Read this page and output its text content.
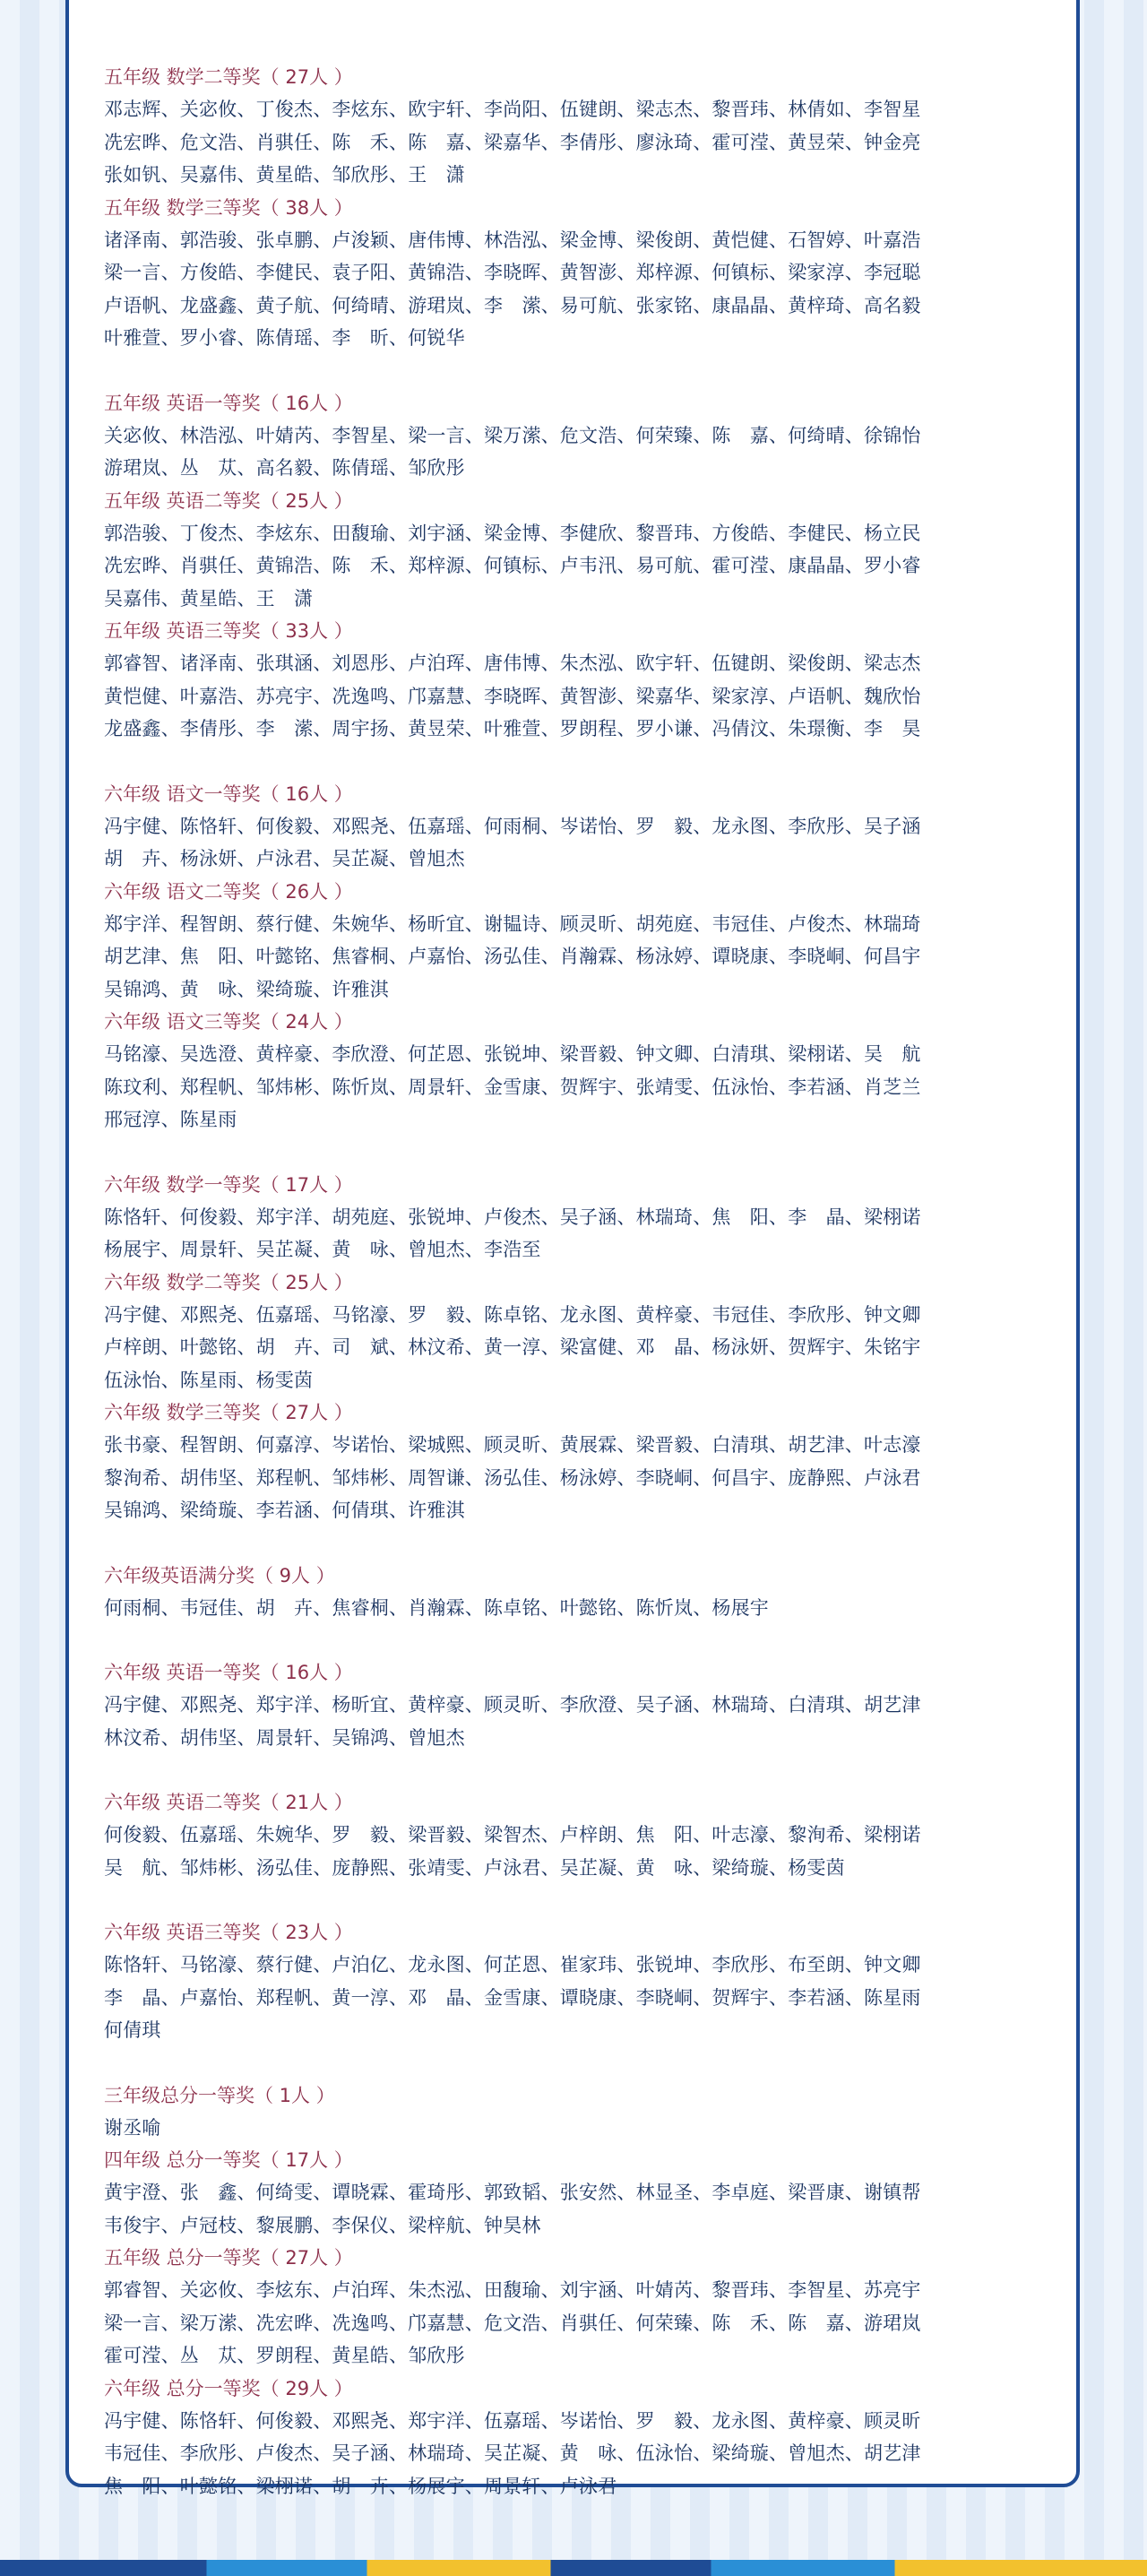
五年级 数学二等奖（ 27人 ）

邓志辉、关宓攸、丁俊杰、李炫东、欧宇轩、李尚阳、伍键朗、梁志杰、黎晋玮、林倩如、李智星

冼宏晔、危文浩、肖骐任、陈　禾、陈　嘉、梁嘉华、李倩彤、廖泳琦、霍可滢、黄昱荣、钟金亮

张如钒、吴嘉伟、黄星皓、邹欣彤、王　潇

五年级 数学三等奖（ 38人 ）

诸泽南、郭浩骏、张卓鹏、卢浚颖、唐伟博、林浩泓、梁金博、梁俊朗、黄恺健、石智婷、叶嘉浩

梁一言、方俊皓、李健民、袁子阳、黄锦浩、李晓晖、黄智澎、郑梓源、何镇标、梁家淳、李冠聪

卢语帆、龙盛鑫、黄子航、何绮晴、游珺岚、李　潆、易可航、张家铭、康晶晶、黄梓琦、高名毅

叶雅萱、罗小睿、陈倩瑶、李　昕、何锐华

五年级 英语一等奖（ 16人 ）

关宓攸、林浩泓、叶婧芮、李智星、梁一言、梁万潆、危文浩、何荣臻、陈　嘉、何绮晴、徐锦怡

游珺岚、丛　苁、高名毅、陈倩瑶、邹欣彤

五年级 英语二等奖（ 25人 ）

郭浩骏、丁俊杰、李炫东、田馥瑜、刘宇涵、梁金博、李健欣、黎晋玮、方俊皓、李健民、杨立民

冼宏晔、肖骐任、黄锦浩、陈　禾、郑梓源、何镇标、卢韦汛、易可航、霍可滢、康晶晶、罗小睿

吴嘉伟、黄星皓、王　潇

五年级 英语三等奖（ 33人 ）

郭睿智、诸泽南、张琪涵、刘恩彤、卢泊珲、唐伟博、朱杰泓、欧宇轩、伍键朗、梁俊朗、梁志杰

黄恺健、叶嘉浩、苏亮宇、冼逸鸣、邝嘉慧、李晓晖、黄智澎、梁嘉华、梁家淳、卢语帆、魏欣怡

龙盛鑫、李倩彤、李　潆、周宇扬、黄昱荣、叶雅萱、罗朗程、罗小谦、冯倩汶、朱璟衡、李　昊

六年级 语文一等奖（ 16人 ）

冯宇健、陈恪轩、何俊毅、邓熙尧、伍嘉瑶、何雨桐、岑诺怡、罗　毅、龙永图、李欣彤、吴子涵

胡　卉、杨泳妍、卢泳君、吴芷凝、曾旭杰

六年级 语文二等奖（ 26人 ）

郑宇洋、程智朗、蔡行健、朱婉华、杨昕宜、谢韫诗、顾灵昕、胡苑庭、韦冠佳、卢俊杰、林瑞琦

胡艺津、焦　阳、叶懿铭、焦睿桐、卢嘉怡、汤弘佳、肖瀚霖、杨泳婷、谭晓康、李晓峒、何昌宇

吴锦鸿、黄　咏、梁绮璇、许雅淇

六年级 语文三等奖（ 24人 ）

马铭濠、吴选澄、黄梓豪、李欣澄、何芷恩、张锐坤、梁晋毅、钟文卿、白清琪、梁栩诺、吴　航

陈玟利、郑程帆、邹炜彬、陈忻岚、周景轩、金雪康、贺辉宇、张靖雯、伍泳怡、李若涵、肖芝兰

邢冠淳、陈星雨

六年级 数学一等奖（ 17人 ）

陈恪轩、何俊毅、郑宇洋、胡苑庭、张锐坤、卢俊杰、吴子涵、林瑞琦、焦　阳、李　晶、梁栩诺

杨展宇、周景轩、吴芷凝、黄　咏、曾旭杰、李浩至

六年级 数学二等奖（ 25人 ）

冯宇健、邓熙尧、伍嘉瑶、马铭濠、罗　毅、陈卓铭、龙永图、黄梓豪、韦冠佳、李欣彤、钟文卿

卢梓朗、叶懿铭、胡　卉、司　斌、林汶希、黄一淳、梁富健、邓　晶、杨泳妍、贺辉宇、朱铭宇

伍泳怡、陈星雨、杨雯茵

六年级 数学三等奖（ 27人 ）

张书豪、程智朗、何嘉淳、岑诺怡、梁城熙、顾灵昕、黄展霖、梁晋毅、白清琪、胡艺津、叶志濠

黎洵希、胡伟坚、郑程帆、邹炜彬、周智谦、汤弘佳、杨泳婷、李晓峒、何昌宇、庞静熙、卢泳君

吴锦鸿、梁绮璇、李若涵、何倩琪、许雅淇

六年级英语满分奖（ 9人 ）

何雨桐、韦冠佳、胡　卉、焦睿桐、肖瀚霖、陈卓铭、叶懿铭、陈忻岚、杨展宇

六年级 英语一等奖（ 16人 ）

冯宇健、邓熙尧、郑宇洋、杨昕宜、黄梓豪、顾灵昕、李欣澄、吴子涵、林瑞琦、白清琪、胡艺津

林汶希、胡伟坚、周景轩、吴锦鸿、曾旭杰

六年级 英语二等奖（ 21人 ）

何俊毅、伍嘉瑶、朱婉华、罗　毅、梁晋毅、梁智杰、卢梓朗、焦　阳、叶志濠、黎洵希、梁栩诺

吴　航、邹炜彬、汤弘佳、庞静熙、张靖雯、卢泳君、吴芷凝、黄　咏、梁绮璇、杨雯茵

六年级 英语三等奖（ 23人 ）

陈恪轩、马铭濠、蔡行健、卢泊亿、龙永图、何芷恩、崔家玮、张锐坤、李欣彤、布至朗、钟文卿

李　晶、卢嘉怡、郑程帆、黄一淳、邓　晶、金雪康、谭晓康、李晓峒、贺辉宇、李若涵、陈星雨

何倩琪

三年级总分一等奖（ 1人 ）

谢丞喻

四年级 总分一等奖（ 17人 ）

黄宇澄、张　鑫、何绮雯、谭晓霖、霍琦彤、郭致韬、张安然、林显圣、李卓庭、梁晋康、谢镇帮

韦俊宇、卢冠枝、黎展鹏、李保仪、梁梓航、钟昊林

五年级 总分一等奖（ 27人 ）

郭睿智、关宓攸、李炫东、卢泊珲、朱杰泓、田馥瑜、刘宇涵、叶婧芮、黎晋玮、李智星、苏亮宇

梁一言、梁万潆、冼宏晔、冼逸鸣、邝嘉慧、危文浩、肖骐任、何荣臻、陈　禾、陈　嘉、游珺岚

霍可滢、丛　苁、罗朗程、黄星皓、邹欣彤

六年级 总分一等奖（ 29人 ）

冯宇健、陈恪轩、何俊毅、邓熙尧、郑宇洋、伍嘉瑶、岑诺怡、罗　毅、龙永图、黄梓豪、顾灵昕

韦冠佳、李欣彤、卢俊杰、吴子涵、林瑞琦、吴芷凝、黄　咏、伍泳怡、梁绮璇、曾旭杰、胡艺津

焦　阳、叶懿铭、梁栩诺、胡　卉、杨展宇、周景轩、卢泳君
